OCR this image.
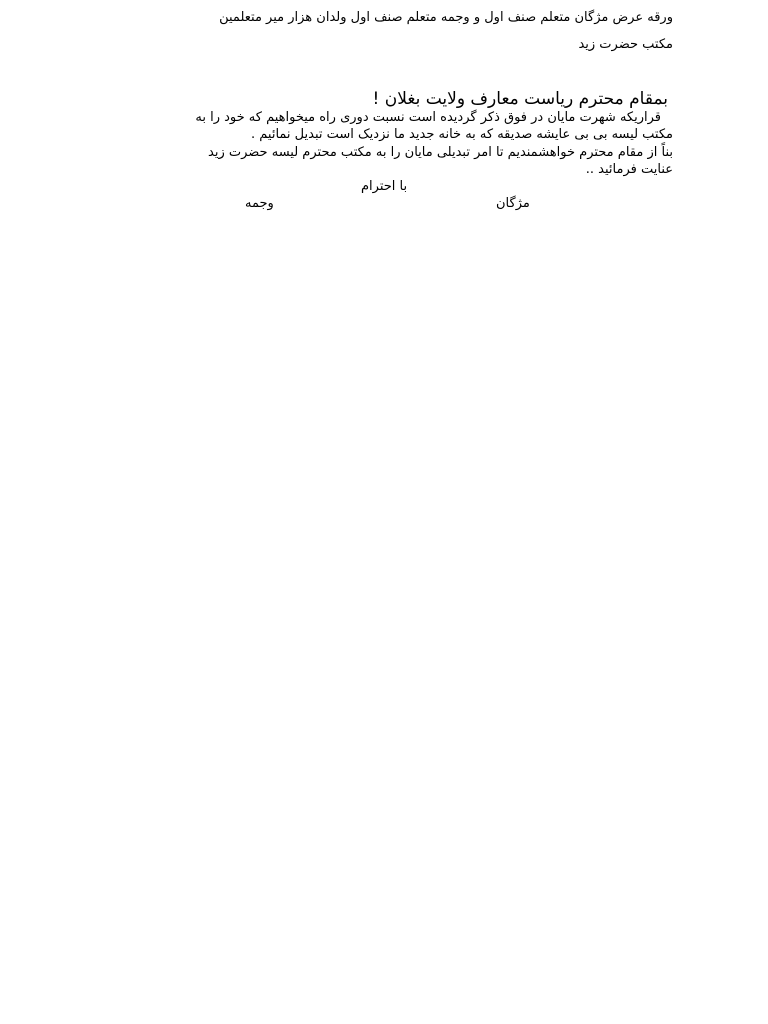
ورقه عرض مژگان متعلم صنف اول و وجمه متعلم صنف اول ولدان هزار میر متعلمین
مکتب حضرت زید
بمقام محترم ریاست معارف ولایت بغلان !
قراریکه شهرت مایان در فوق ذکر گردیده است نسبت دوری راه میخواهیم که خود را به
مکتب لیسه بی بی عایشه صدیقه که به خانه جدید ما نزدیک است تبدیل نمائیم .
بناً از مقام محترم خواهشمندیم تا امر تبدیلی مایان را به مکتب محترم لیسه حضرت زید
عنایت فرمائید ..
با احترام
مژگان
وجمه
